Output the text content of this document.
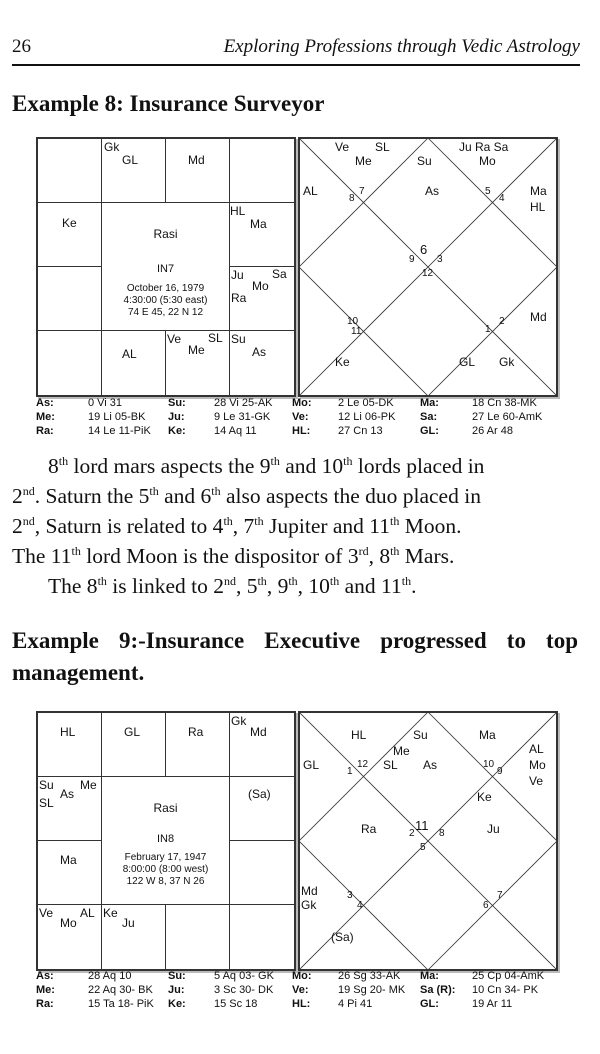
26	Exploring Professions through Vedic Astrology

Example 8: Insurance Surveyor

Gk
GL	Md
Ke
HL
Ma
Ju Sa
Mo
Ra
AL
Ve SL
Me
Su
As
Rasi
IN7
October 16, 1979
4:30:00 (5:30 east)
74 E 45, 22 N 12
Ve SL
Me	Su
Ju Ra Sa
Mo
As
AL	Ma
HL
Md
Ke	GL Gk
8
7	5
4
6
9 3
12
10
11	1
2
As:	0 Vi 31	Su:	28 Vi 25-AK Mo: 2 Le 05-DK Ma:	18 Cn 38-MK
Me:	19 Li 05-BK Ju:	9 Le 31-GK Ve:	12 Li 06-PK Sa:	27 Le 60-AmK
Ra:	14 Le 11-PiK Ke:	14 Aq 11	HL:	27 Cn 13	GL:	26 Ar 48

8th lord mars aspects the 9th and 10th lords placed in

2nd. Saturn the 5th and 6th also aspects the duo placed in

2nd, Saturn is related to 4th, 7th Jupiter and 11th Moon.

The 11th lord Moon is the dispositor of 3rd, 8th Mars.

The 8th is linked to 2nd, 5th, 9th, 10th and 11th.

Example 9:-Insurance Executive progressed to top

management.

HL	GL	Ra
Gk
Md
Su Me
As
SL
(Sa)
Ma
Ve AL
Mo
Ke
Ju
Rasi
IN8
February 17, 1947
8:00:00 (8:00 west)
122 W 8, 37 N 26
HL	Su
Me
SL As
Ma
GL
AL
Mo
Ve
Ke
Ra	Ju
Md
Gk
(Sa)
1
12	10
9
11
2 8
5
3
4	6
7
As:	28 Aq 10	Su:	5 Aq 03- GK Mo: 26 Sg 33-AK Ma:	25 Cp 04-AmK
Me:	22 Aq 30- BK Ju:	3 Sc 30- DK Ve:	19 Sg 20- MK Sa (R): 10 Cn 34- PK
Ra:	15 Ta 18- PiK Ke:	15 Sc 18	HL:	4 Pi 41	GL:	19 Ar 11
